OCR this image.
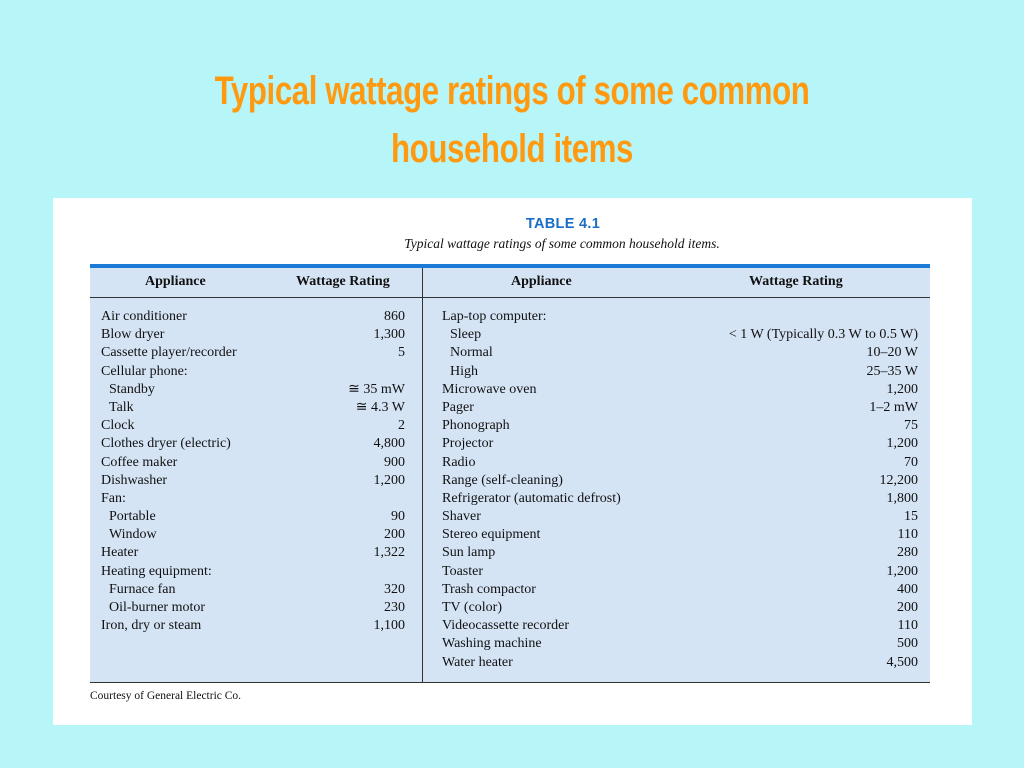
Typical wattage ratings of some common
household items
TABLE 4.1
Typical wattage ratings of some common household items.
Appliance	Wattage Rating	Appliance	Wattage Rating
Air conditioner	860
Blow dryer	1,300
Cassette player/recorder	5
Cellular phone:
Standby	≅ 35 mW
Talk	≅ 4.3 W
Clock	2
Clothes dryer (electric)	4,800
Coffee maker	900
Dishwasher	1,200
Fan:
Portable	90
Window	200
Heater	1,322
Heating equipment:
Furnace fan	320
Oil-burner motor	230
Iron, dry or steam	1,100
Lap-top computer:
Sleep	< 1 W (Typically 0.3 W to 0.5 W)
Normal	10–20 W
High	25–35 W
Microwave oven	1,200
Pager	1–2 mW
Phonograph	75
Projector	1,200
Radio	70
Range (self-cleaning)	12,200
Refrigerator (automatic defrost)	1,800
Shaver	15
Stereo equipment	110
Sun lamp	280
Toaster	1,200
Trash compactor	400
TV (color)	200
Videocassette recorder	110
Washing machine	500
Water heater	4,500
Courtesy of General Electric Co.
